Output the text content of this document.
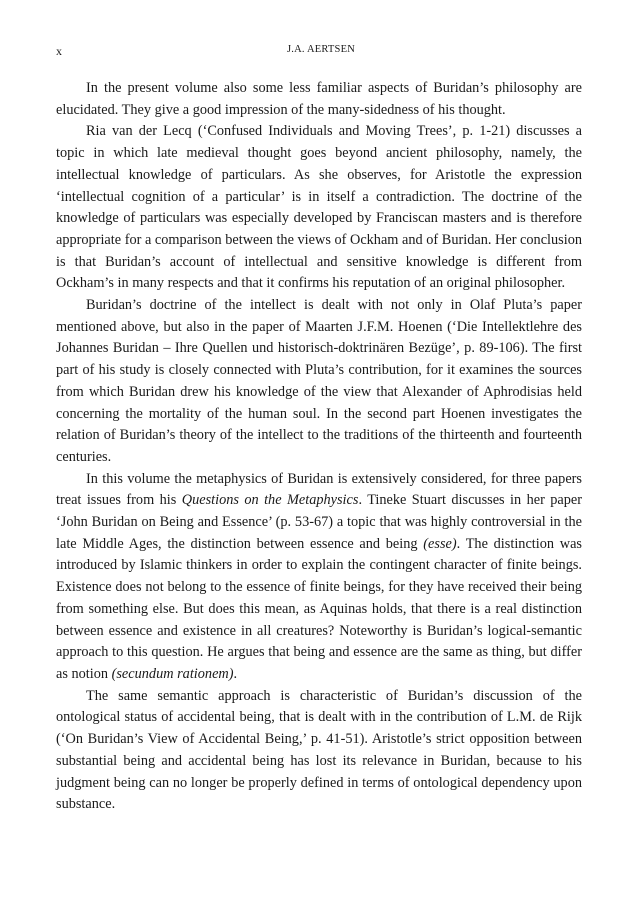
x	J.A. AERTSEN

In the present volume also some less familiar aspects of Buridan’s philosophy are elucidated. They give a good impression of the many-sidedness of his thought.

Ria van der Lecq (‘Confused Individuals and Moving Trees’, p. 1-21) discusses a topic in which late medieval thought goes beyond ancient philosophy, namely, the intellectual knowledge of particulars. As she observes, for Aristotle the expression ‘intellectual cognition of a particular’ is in itself a contradiction. The doctrine of the knowledge of particulars was especially developed by Franciscan masters and is therefore appropriate for a comparison between the views of Ockham and of Buridan. Her conclusion is that Buridan’s account of intellectual and sensitive knowledge is different from Ockham’s in many respects and that it confirms his reputation of an original philosopher.

Buridan’s doctrine of the intellect is dealt with not only in Olaf Pluta’s paper mentioned above, but also in the paper of Maarten J.F.M. Hoenen (‘Die Intellektlehre des Johannes Buridan – Ihre Quellen und historisch-doktrinären Bezüge’, p. 89-106). The first part of his study is closely connected with Pluta’s contribution, for it examines the sources from which Buridan drew his knowledge of the view that Alexander of Aphrodisias held concerning the mortality of the human soul. In the second part Hoenen investigates the relation of Buridan’s theory of the intellect to the traditions of the thirteenth and fourteenth centuries.

In this volume the metaphysics of Buridan is extensively considered, for three papers treat issues from his Questions on the Metaphysics. Tineke Stuart discusses in her paper ‘John Buridan on Being and Essence’ (p. 53-67) a topic that was highly controversial in the late Middle Ages, the distinction between essence and being (esse). The distinction was introduced by Islamic thinkers in order to explain the contingent character of finite beings. Existence does not belong to the essence of finite beings, for they have received their being from something else. But does this mean, as Aquinas holds, that there is a real distinction between essence and existence in all creatures? Noteworthy is Buridan’s logical-semantic approach to this question. He argues that being and essence are the same as thing, but differ as notion (secundum rationem).

The same semantic approach is characteristic of Buridan’s discussion of the ontological status of accidental being, that is dealt with in the contribution of L.M. de Rijk (‘On Buridan’s View of Accidental Being,’ p. 41-51). Aristotle’s strict opposition between substantial being and accidental being has lost its relevance in Buridan, because to his judgment being can no longer be properly defined in terms of ontological dependency upon substance.
